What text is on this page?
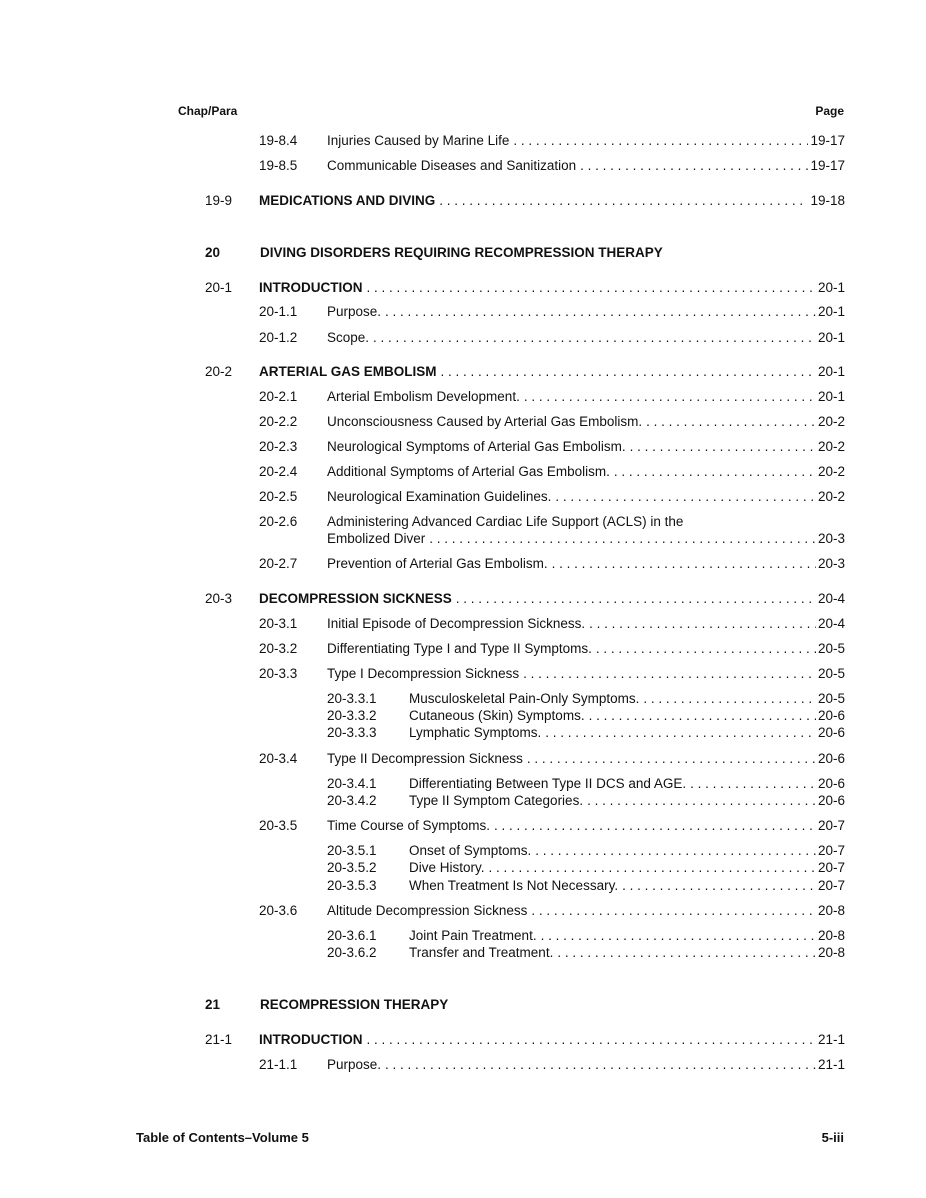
Chap/Para	Page
19-8.4 Injuries Caused by Marine Life . . .	19-17
19-8.5 Communicable Diseases and Sanitization . . .	19-17
19-9 MEDICATIONS AND DIVING . . .	19-18
20	DIVING DISORDERS REQUIRING RECOMPRESSION THERAPY
20-1 INTRODUCTION . . .	20-1
20-1.1 Purpose. . . .	20-1
20-1.2 Scope. . . .	20-1
20-2 ARTERIAL GAS EMBOLISM . . .	20-1
20-2.1 Arterial Embolism Development. . . .	20-1
20-2.2 Unconsciousness Caused by Arterial Gas Embolism. . . .	20-2
20-2.3 Neurological Symptoms of Arterial Gas Embolism. . . .	20-2
20-2.4 Additional Symptoms of Arterial Gas Embolism. . . .	20-2
20-2.5 Neurological Examination Guidelines. . . .	20-2
20-2.6 Administering Advanced Cardiac Life Support (ACLS) in the
Embolized Diver . . .	20-3
20-2.7 Prevention of Arterial Gas Embolism. . . .	20-3
20-3 DECOMPRESSION SICKNESS . . .	20-4
20-3.1 Initial Episode of Decompression Sickness. . . .	20-4
20-3.2 Differentiating Type I and Type II Symptoms. . . .	20-5
20-3.3 Type I Decompression Sickness . . .	20-5
20-3.3.1 Musculoskeletal Pain-Only Symptoms. . . .	20-5
20-3.3.2 Cutaneous (Skin) Symptoms. . . .	20-6
20-3.3.3 Lymphatic Symptoms. . . .	20-6
20-3.4 Type II Decompression Sickness . . .	20-6
20-3.4.1 Differentiating Between Type II DCS and AGE. . . .	20-6
20-3.4.2 Type II Symptom Categories. . . .	20-6
20-3.5 Time Course of Symptoms. . . .	20-7
20-3.5.1 Onset of Symptoms. . . .	20-7
20-3.5.2 Dive History. . . .	20-7
20-3.5.3 When Treatment Is Not Necessary. . . .	20-7
20-3.6 Altitude Decompression Sickness . . .	20-8
20-3.6.1 Joint Pain Treatment. . . .	20-8
20-3.6.2 Transfer and Treatment. . . .	20-8
21	RECOMPRESSION THERAPY
21-1 INTRODUCTION . . .	21-1
21-1.1 Purpose. . . .	21-1
Table of Contents–Volume 5	5-iii
